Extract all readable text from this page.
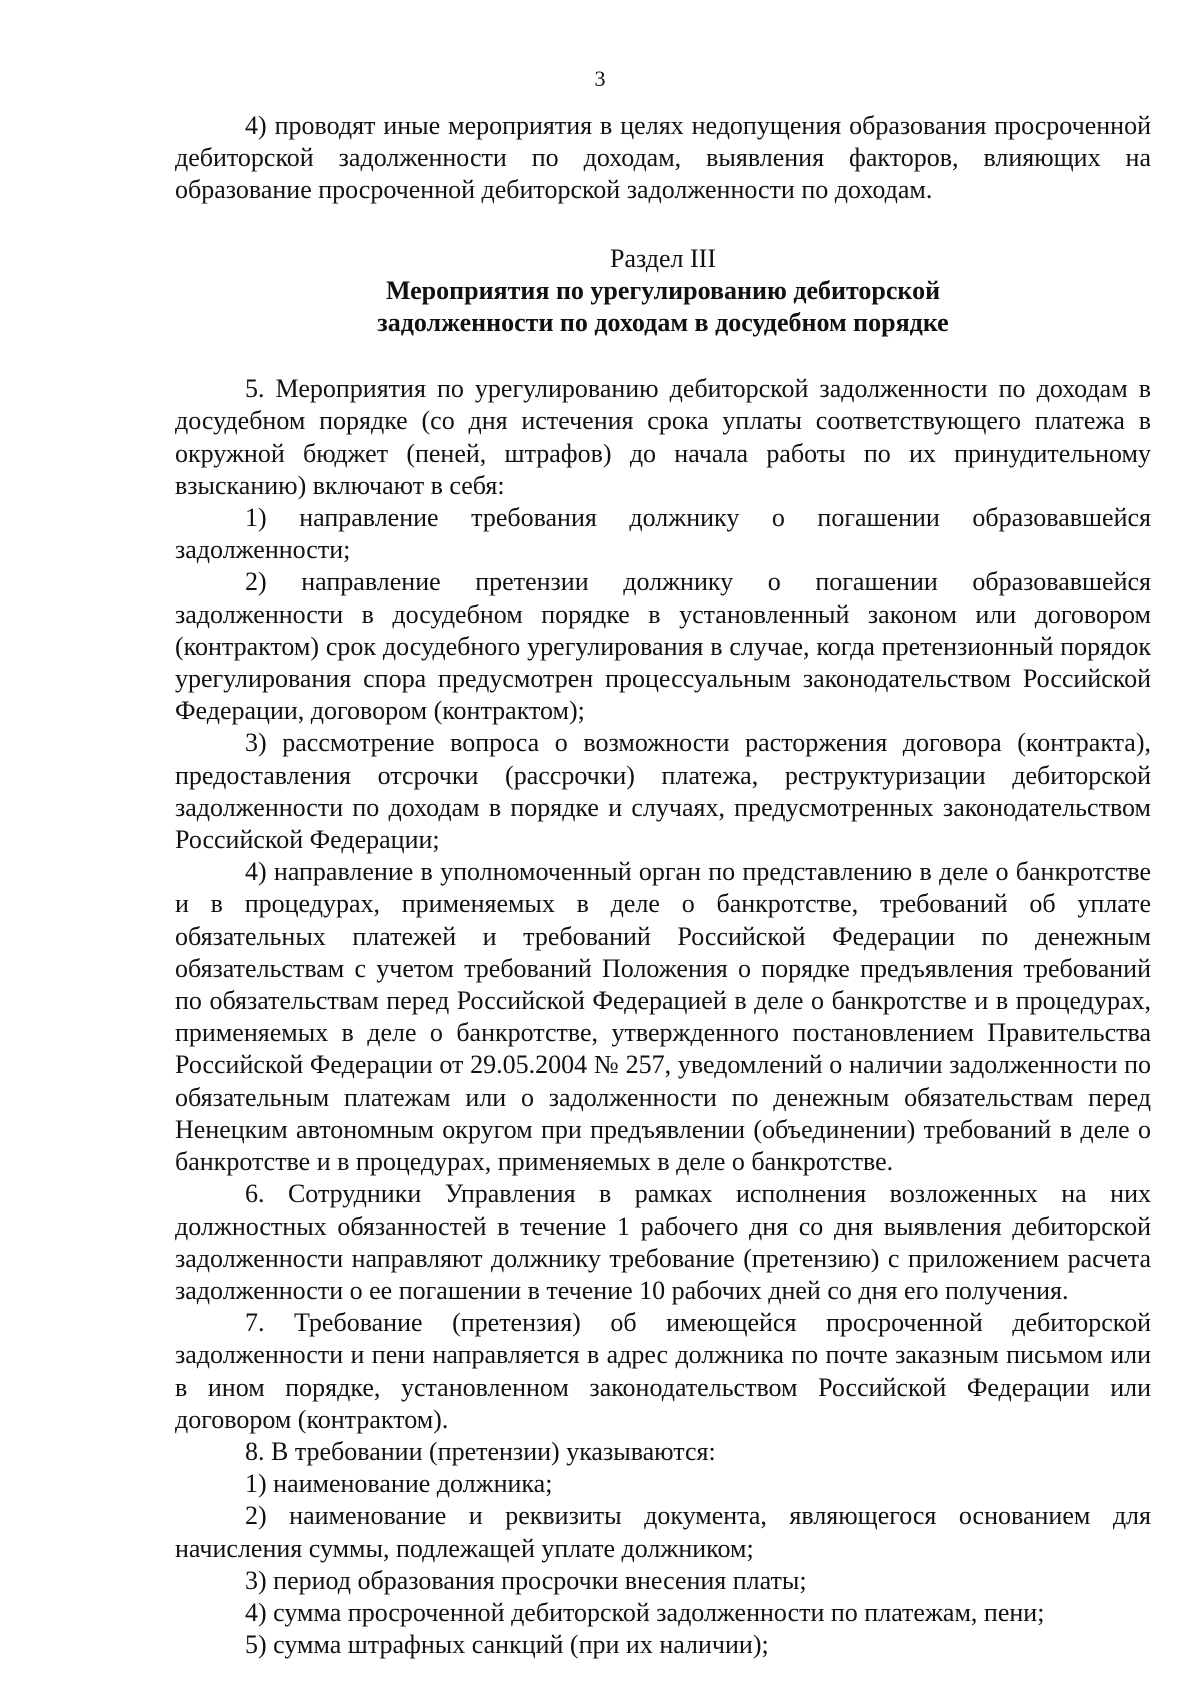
3

4) проводят иные мероприятия в целях недопущения образования просроченной дебиторской задолженности по доходам, выявления факторов, влияющих на образование просроченной дебиторской задолженности по доходам.

Раздел III

Мероприятия по урегулированию дебиторской
задолженности по доходам в досудебном порядке

5. Мероприятия по урегулированию дебиторской задолженности по доходам в досудебном порядке (со дня истечения срока уплаты соответствующего платежа в окружной бюджет (пеней, штрафов) до начала работы по их принудительному взысканию) включают в себя:

1) направление требования должнику о погашении образовавшейся задолженности;

2) направление претензии должнику о погашении образовавшейся задолженности в досудебном порядке в установленный законом или договором (контрактом) срок досудебного урегулирования в случае, когда претензионный порядок урегулирования спора предусмотрен процессуальным законодательством Российской Федерации, договором (контрактом);

3) рассмотрение вопроса о возможности расторжения договора (контракта), предоставления отсрочки (рассрочки) платежа, реструктуризации дебиторской задолженности по доходам в порядке и случаях, предусмотренных законодательством Российской Федерации;

4) направление в уполномоченный орган по представлению в деле о банкротстве и в процедурах, применяемых в деле о банкротстве, требований об уплате обязательных платежей и требований Российской Федерации по денежным обязательствам с учетом требований Положения о порядке предъявления требований по обязательствам перед Российской Федерацией в деле о банкротстве и в процедурах, применяемых в деле о банкротстве, утвержденного постановлением Правительства Российской Федерации от 29.05.2004 № 257, уведомлений о наличии задолженности по обязательным платежам или о задолженности по денежным обязательствам перед Ненецким автономным округом при предъявлении (объединении) требований в деле о банкротстве и в процедурах, применяемых в деле о банкротстве.

6. Сотрудники Управления в рамках исполнения возложенных на них должностных обязанностей в течение 1 рабочего дня со дня выявления дебиторской задолженности направляют должнику требование (претензию) с приложением расчета задолженности о ее погашении в течение 10 рабочих дней со дня его получения.

7. Требование (претензия) об имеющейся просроченной дебиторской задолженности и пени направляется в адрес должника по почте заказным письмом или в ином порядке, установленном законодательством Российской Федерации или договором (контрактом).

8. В требовании (претензии) указываются:

1) наименование должника;

2) наименование и реквизиты документа, являющегося основанием для начисления суммы, подлежащей уплате должником;

3) период образования просрочки внесения платы;

4) сумма просроченной дебиторской задолженности по платежам, пени;

5) сумма штрафных санкций (при их наличии);
